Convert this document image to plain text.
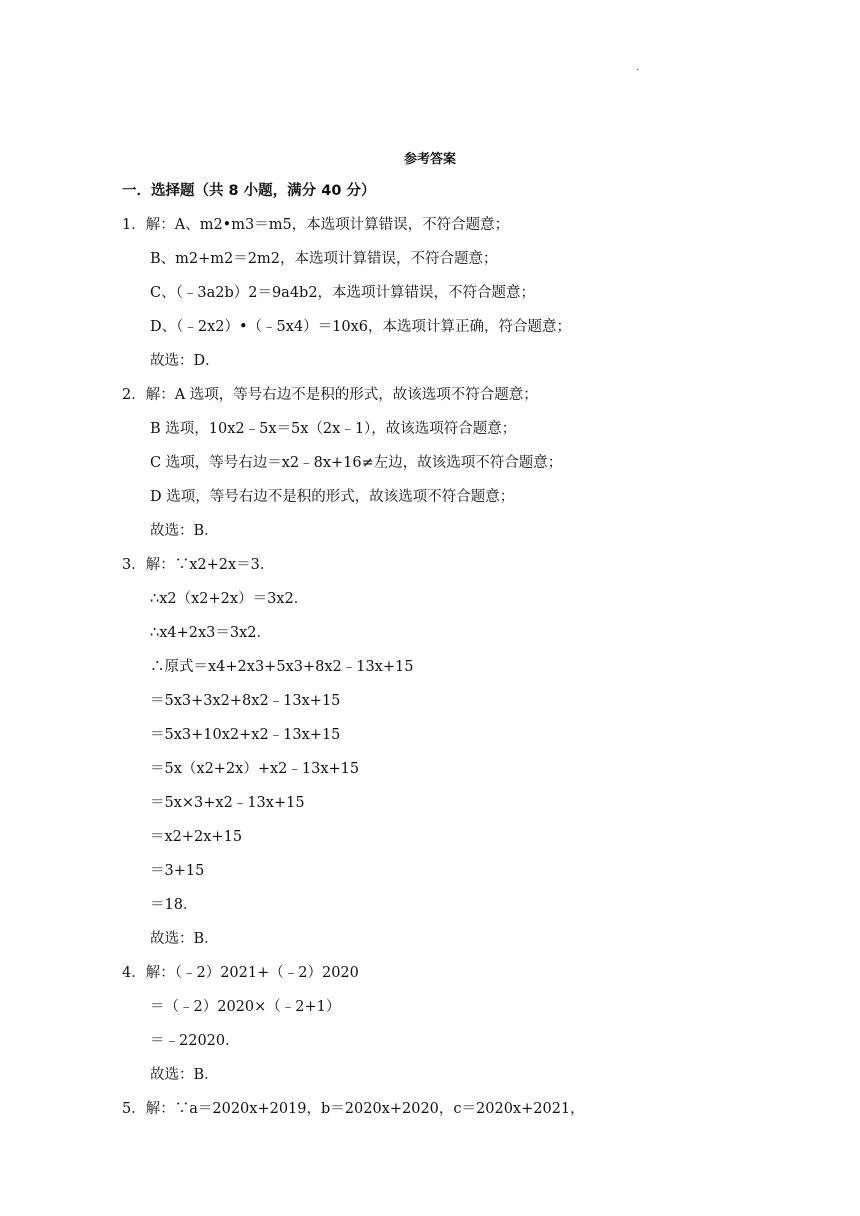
.
参考答案
一．选择题（共 8 小题，满分 40 分）
1．解：A、m2•m3＝m5，本选项计算错误，不符合题意；
B、m2+m2＝2m2，本选项计算错误，不符合题意；
C、（﹣3a2b）2＝9a4b2，本选项计算错误，不符合题意；
D、（﹣2x2）•（﹣5x4）＝10x6，本选项计算正确，符合题意；
故选：D．
2．解：A 选项，等号右边不是积的形式，故该选项不符合题意；
B 选项，10x2﹣5x＝5x（2x﹣1），故该选项符合题意；
C 选项，等号右边＝x2﹣8x+16≠左边，故该选项不符合题意；
D 选项，等号右边不是积的形式，故该选项不符合题意；
故选：B．
3．解：∵x2+2x＝3．
∴x2（x2+2x）＝3x2．
∴x4+2x3＝3x2．
∴原式＝x4+2x3+5x3+8x2﹣13x+15
＝5x3+3x2+8x2﹣13x+15
＝5x3+10x2+x2﹣13x+15
＝5x（x2+2x）+x2﹣13x+15
＝5x×3+x2﹣13x+15
＝x2+2x+15
＝3+15
＝18．
故选：B．
4．解：（﹣2）2021+（﹣2）2020
＝（﹣2）2020×（﹣2+1）
＝﹣22020．
故选：B．
5．解：∵a＝2020x+2019，b＝2020x+2020，c＝2020x+2021，
